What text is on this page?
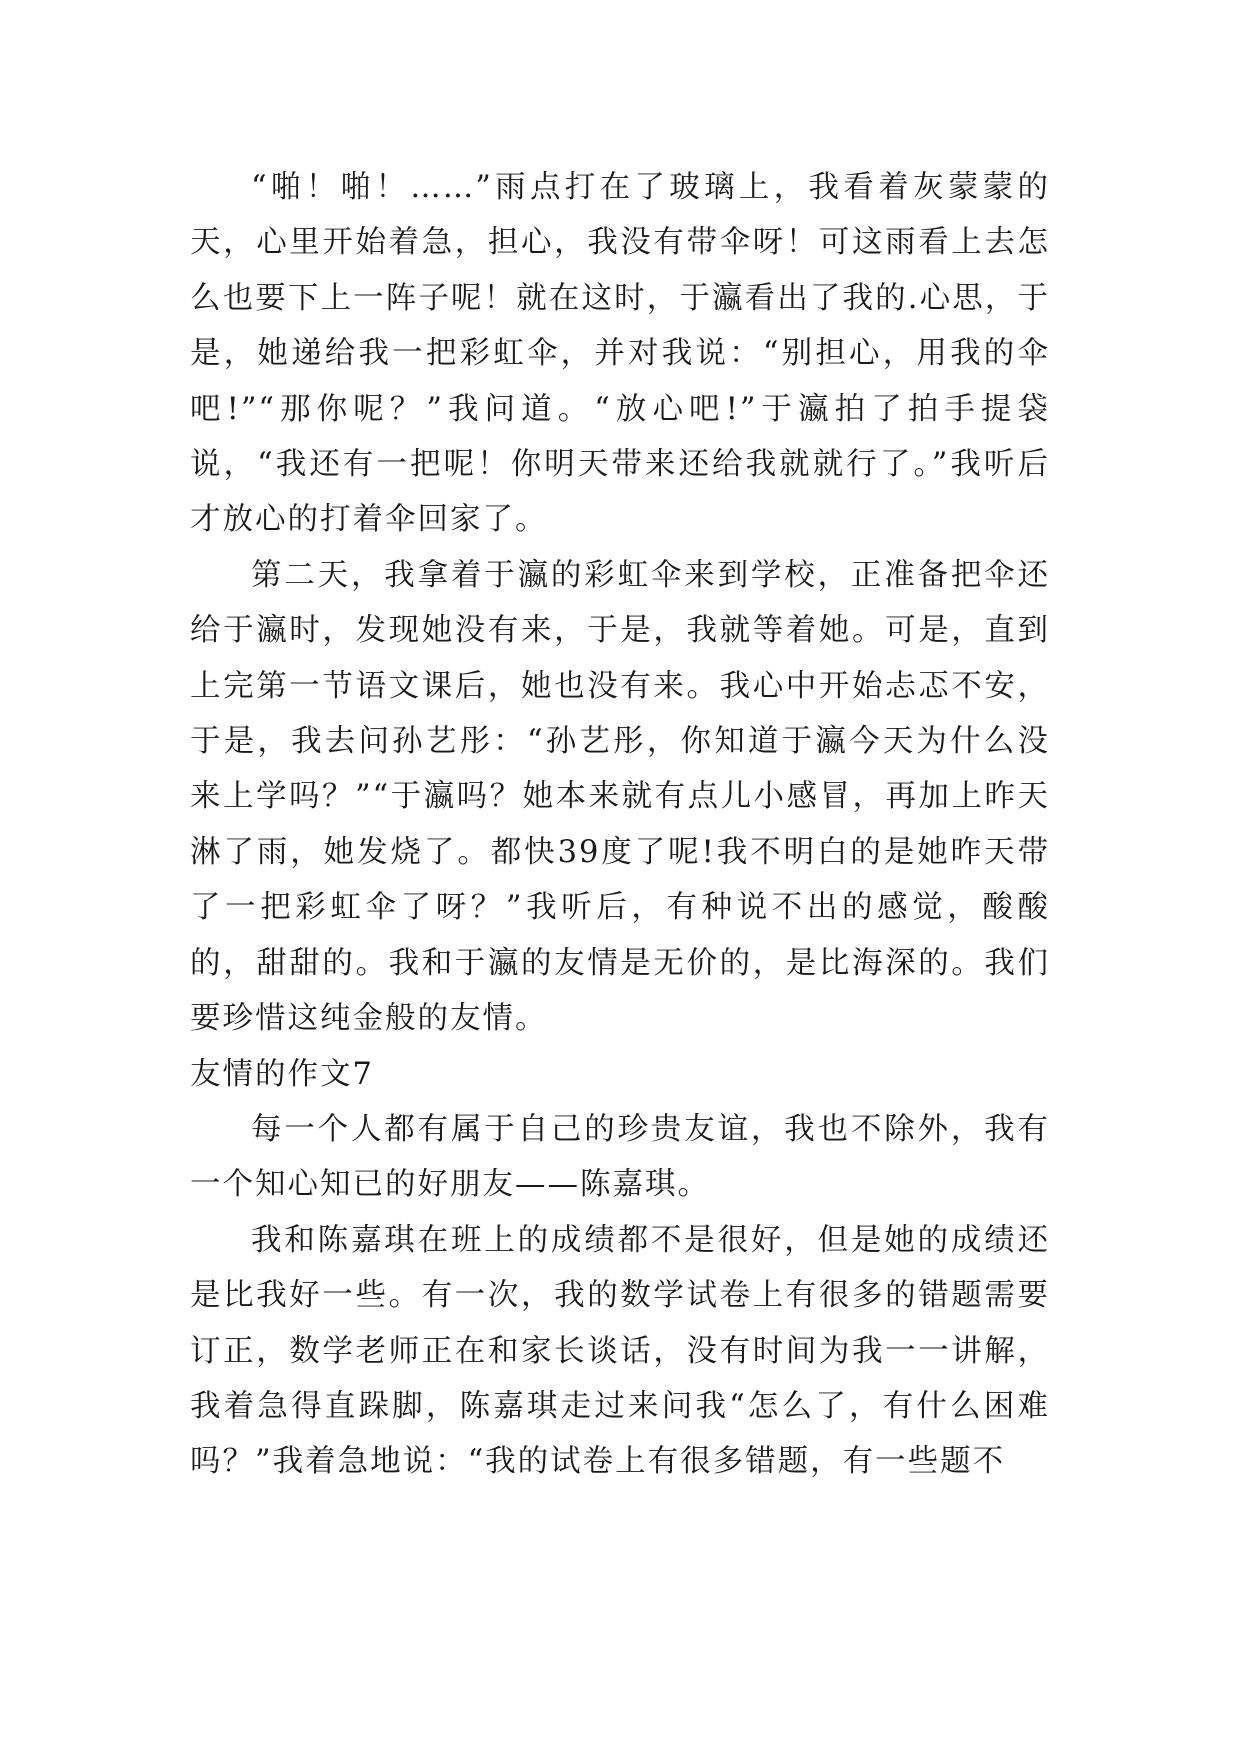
“啪！啪！……”雨点打在了玻璃上，我看着灰蒙蒙的天，心里开始着急，担心，我没有带伞呀！可这雨看上去怎么也要下上一阵子呢！就在这时，于瀛看出了我的.心思，于是，她递给我一把彩虹伞，并对我说：“别担心，用我的伞吧!”“那你呢？”我问道。“放心吧!”于瀛拍了拍手提袋说，“我还有一把呢！你明天带来还给我就就行了。”我听后才放心的打着伞回家了。

第二天，我拿着于瀛的彩虹伞来到学校，正准备把伞还给于瀛时，发现她没有来，于是，我就等着她。可是，直到上完第一节语文课后，她也没有来。我心中开始忐忑不安，于是，我去问孙艺彤：“孙艺彤，你知道于瀛今天为什么没来上学吗？”“于瀛吗？她本来就有点儿小感冒，再加上昨天淋了雨，她发烧了。都快39度了呢!我不明白的是她昨天带了一把彩虹伞了呀？”我听后，有种说不出的感觉，酸酸的，甜甜的。我和于瀛的友情是无价的，是比海深的。我们要珍惜这纯金般的友情。

友情的作文7

每一个人都有属于自己的珍贵友谊，我也不除外，我有一个知心知已的好朋友——陈嘉琪。

我和陈嘉琪在班上的成绩都不是很好，但是她的成绩还是比我好一些。有一次，我的数学试卷上有很多的错题需要订正，数学老师正在和家长谈话，没有时间为我一一讲解，我着急得直跺脚，陈嘉琪走过来问我“怎么了，有什么困难吗？”我着急地说：“我的试卷上有很多错题，有一些题不
